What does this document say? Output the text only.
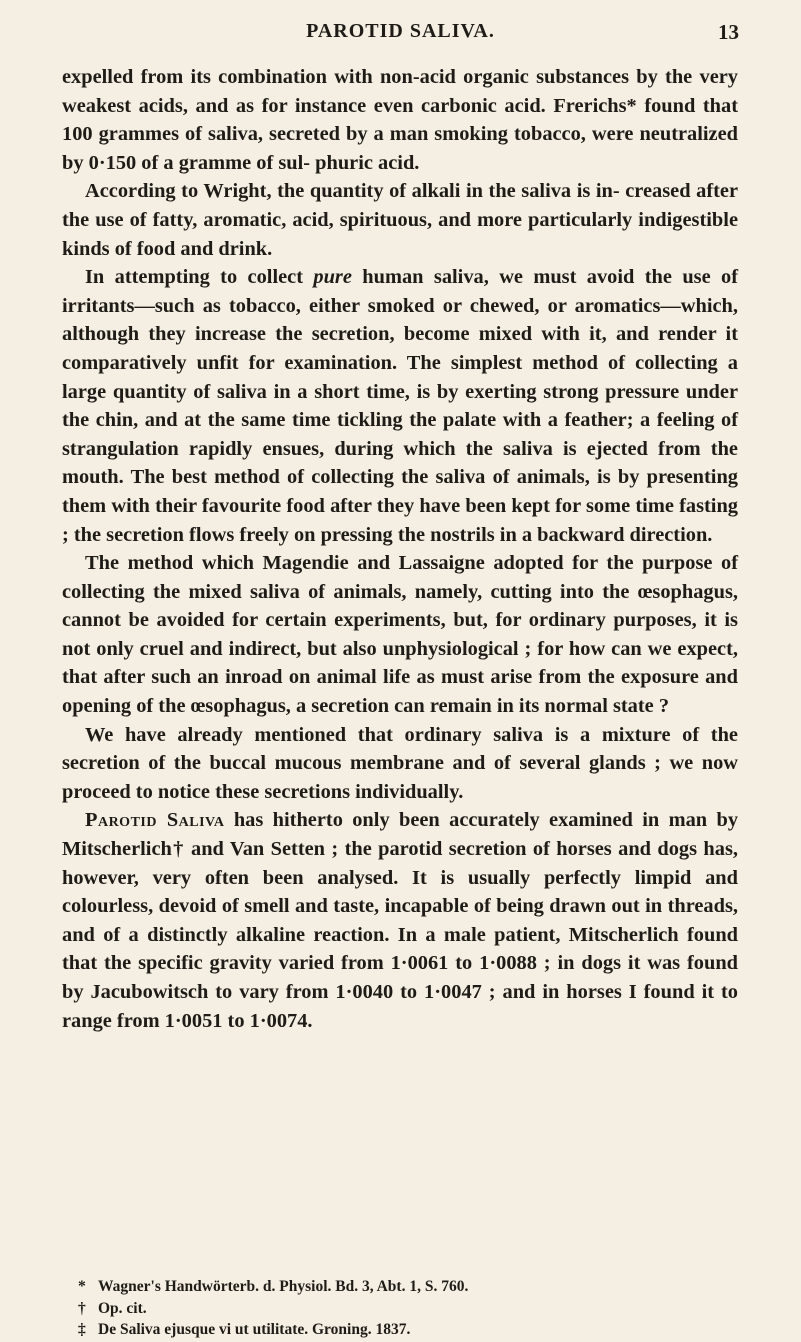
PAROTID SALIVA.	13

expelled from its combination with non-acid organic substances by the very weakest acids, and as for instance even carbonic acid. Frerichs* found that 100 grammes of saliva, secreted by a man smoking tobacco, were neutralized by 0·150 of a gramme of sul- phuric acid.

According to Wright, the quantity of alkali in the saliva is in- creased after the use of fatty, aromatic, acid, spirituous, and more particularly indigestible kinds of food and drink.

In attempting to collect pure human saliva, we must avoid the use of irritants—such as tobacco, either smoked or chewed, or aromatics—which, although they increase the secretion, become mixed with it, and render it comparatively unfit for examination. The simplest method of collecting a large quantity of saliva in a short time, is by exerting strong pressure under the chin, and at the same time tickling the palate with a feather; a feeling of strangulation rapidly ensues, during which the saliva is ejected from the mouth. The best method of collecting the saliva of animals, is by presenting them with their favourite food after they have been kept for some time fasting ; the secretion flows freely on pressing the nostrils in a backward direction.

The method which Magendie and Lassaigne adopted for the purpose of collecting the mixed saliva of animals, namely, cutting into the œsophagus, cannot be avoided for certain experiments, but, for ordinary purposes, it is not only cruel and indirect, but also unphysiological ; for how can we expect, that after such an inroad on animal life as must arise from the exposure and opening of the œsophagus, a secretion can remain in its normal state ?

We have already mentioned that ordinary saliva is a mixture of the secretion of the buccal mucous membrane and of several glands ; we now proceed to notice these secretions individually.

Parotid Saliva has hitherto only been accurately examined in man by Mitscherlich† and Van Setten ; the parotid secretion of horses and dogs has, however, very often been analysed. It is usually perfectly limpid and colourless, devoid of smell and taste, incapable of being drawn out in threads, and of a distinctly alkaline reaction. In a male patient, Mitscherlich found that the specific gravity varied from 1·0061 to 1·0088 ; in dogs it was found by Jacubowitsch to vary from 1·0040 to 1·0047 ; and in horses I found it to range from 1·0051 to 1·0074.

* Wagner's Handwörterb. d. Physiol. Bd. 3, Abt. 1, S. 760.

† Op. cit.

‡ De Saliva ejusque vi ut utilitate. Groning. 1837.
